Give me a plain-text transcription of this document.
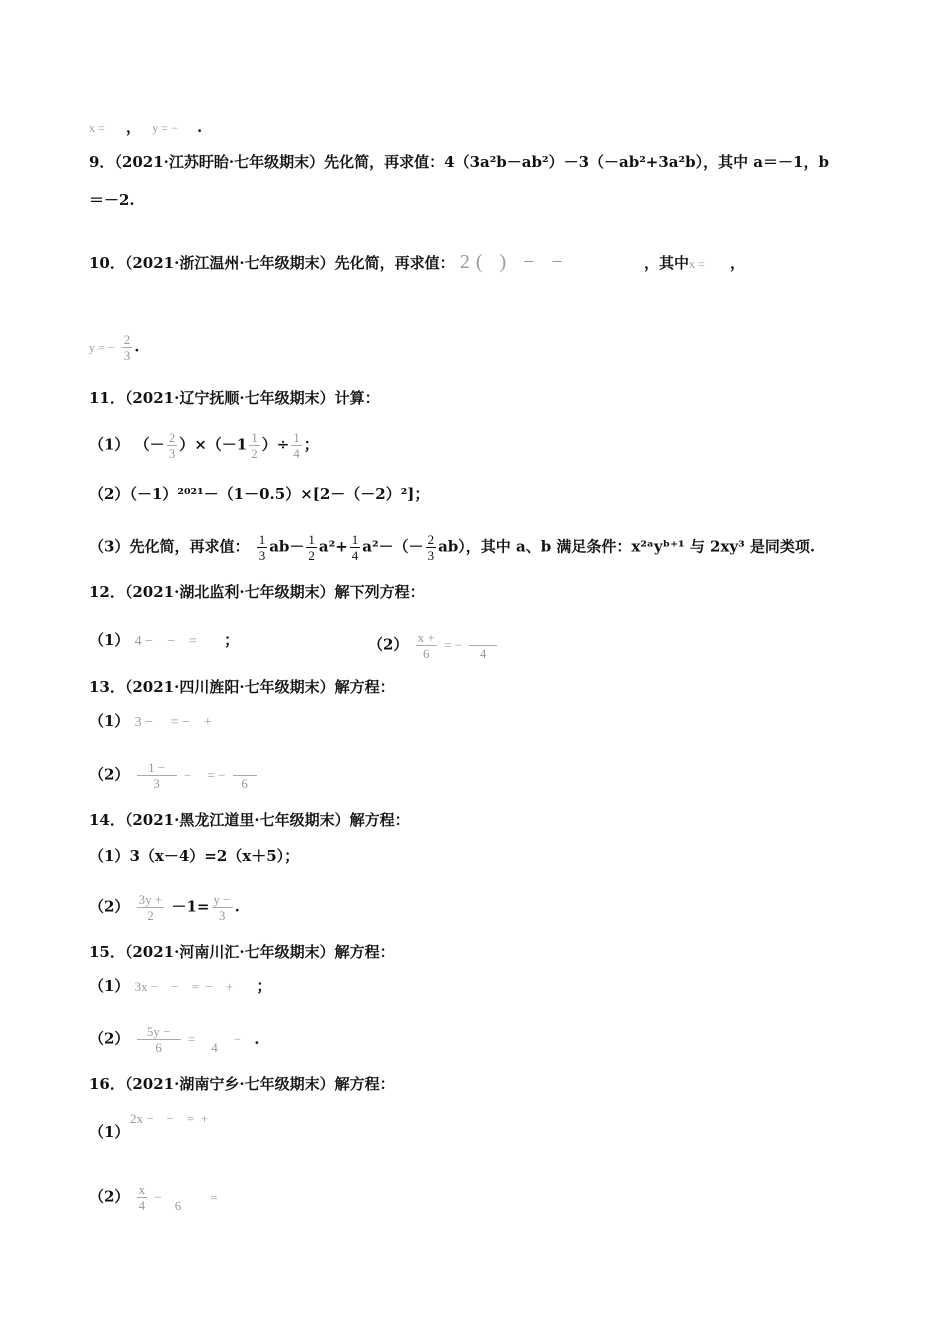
x = ， y = − .
9．（2021·江苏盱眙·七年级期末）先化简，再求值：4（3a²b－ab²）－3（－ab²+3a²b），其中 a＝－1，b
＝－2.
10．（2021·浙江温州·七年级期末）先化简，再求值： 2( ) − −	，其中x = ，
y = − $\frac{2}{3}$ .
11．（2021·辽宁抚顺·七年级期末）计算：
（1） （－ $\frac{2}{3} )\times(-1 \frac{1}{2}$ ）÷ $\frac{1}{4}$ ；
（2）（－1）²⁰²¹－（1－0.5）×[2－（－2）²]；
（3）先化简，再求值： $\frac{1}{3} ab- \frac{1}{2} a^2+ \frac{1}{4} a^2-(- \frac{2}{3} ab)$，其中 a、b 满足条件：x²ᵃyᵇ⁺¹ 与 2xy³ 是同类项.
12．（2021·湖北监利·七年级期末）解下列方程：
（1） 4 −    −    = ；	$(2) \frac{x +}{6}$ = −

4
13．（2021·四川旌阳·七年级期末）解方程：
（1） 3 −     = −    +
$(2) \frac{1 -}{3}$ −     = −

6
14．（2021·黑龙江道里·七年级期末）解方程：
（1）3（x－4）=2（x＋5）；
$(2) \frac{3y +}{2} -1= \frac{y -}{3}$ .
15．（2021·河南川汇·七年级期末）解方程：
（1） 3x −    −    =  −    + ；
$(2) \frac{5y -}{6}$ =

4
− .
16．（2021·湖南宁乡·七年级期末）解方程：
2x −    −    =  +
（1）
$(2) \frac{x}{4}$ −

6
=
